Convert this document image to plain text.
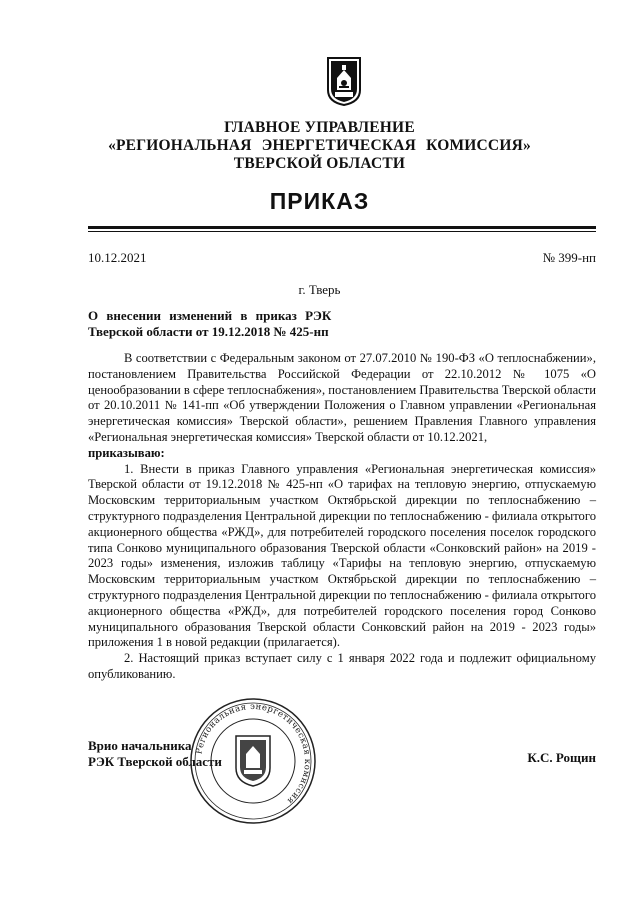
ГЛАВНОЕ УПРАВЛЕНИЕ
«РЕГИОНАЛЬНАЯ ЭНЕРГЕТИЧЕСКАЯ КОМИССИЯ»
ТВЕРСКОЙ ОБЛАСТИ
ПРИКАЗ
10.12.2021	№ 399-нп
г. Тверь
О внесении изменений в приказ РЭК
Тверской области от 19.12.2018 № 425-нп

В соответствии с Федеральным законом от 27.07.2010 № 190-ФЗ «О теплоснабжении», постановлением Правительства Российской Федерации от 22.10.2012 № 1075 «О ценообразовании в сфере теплоснабжения», постановлением Правительства Тверской области от 20.10.2011 № 141-пп «Об утверждении Положения о Главном управлении «Региональная энергетическая комиссия» Тверской области», решением Правления Главного управления «Региональная энергетическая комиссия» Тверской области от 10.12.2021,

приказываю:

1. Внести в приказ Главного управления «Региональная энергетическая комиссия» Тверской области от 19.12.2018 № 425-нп «О тарифах на тепловую энергию, отпускаемую Московским территориальным участком Октябрьской дирекции по теплоснабжению – структурного подразделения Центральной дирекции по теплоснабжению - филиала открытого акционерного общества «РЖД», для потребителей городского поселения поселок городского типа Сонково муниципального образования Тверской области «Сонковский район» на 2019 - 2023 годы» изменения, изложив таблицу «Тарифы на тепловую энергию, отпускаемую Московским территориальным участком Октябрьской дирекции по теплоснабжению – структурного подразделения Центральной дирекции по теплоснабжению - филиала открытого акционерного общества «РЖД», для потребителей городского поселения город Сонково муниципального образования Тверской области Сонковский район на 2019 - 2023 годы» приложения 1 в новой редакции (прилагается).

2. Настоящий приказ вступает силу с 1 января 2022 года и подлежит официальному опубликованию.

Врио начальника
РЭК Тверской области	К.С. Рощин
Региональная энергетическая комиссия
